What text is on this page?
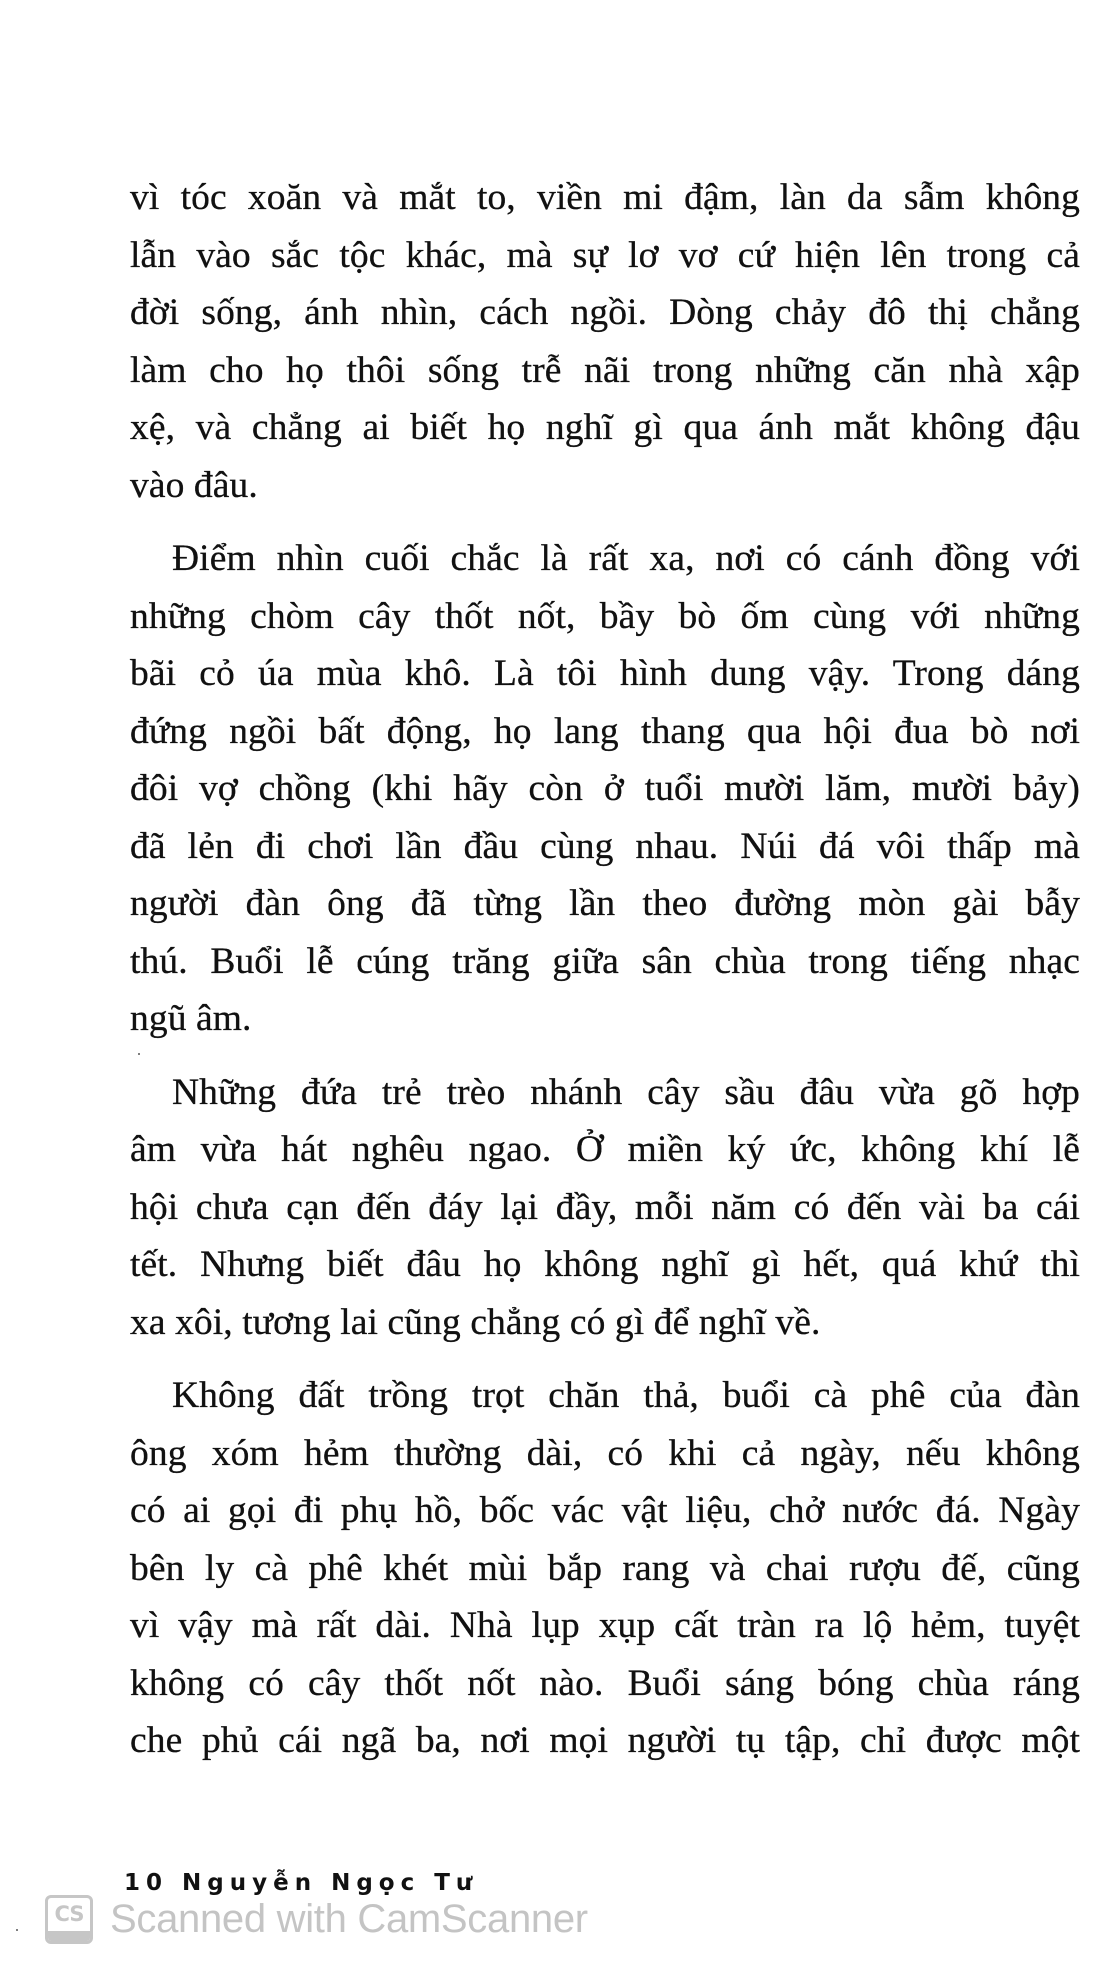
vì tóc xoăn và mắt to, viền mi đậm, làn da sẫm không
lẫn vào sắc tộc khác, mà sự lơ vơ cứ hiện lên trong cả
đời sống, ánh nhìn, cách ngồi. Dòng chảy đô thị chẳng
làm cho họ thôi sống trễ nãi trong những căn nhà xập
xệ, và chẳng ai biết họ nghĩ gì qua ánh mắt không đậu
vào đâu.

Điểm nhìn cuối chắc là rất xa, nơi có cánh đồng với
những chòm cây thốt nốt, bầy bò ốm cùng với những
bãi cỏ úa mùa khô. Là tôi hình dung vậy. Trong dáng
đứng ngồi bất động, họ lang thang qua hội đua bò nơi
đôi vợ chồng (khi hãy còn ở tuổi mười lăm, mười bảy)
đã lẻn đi chơi lần đầu cùng nhau. Núi đá vôi thấp mà
người đàn ông đã từng lần theo đường mòn gài bẫy
thú. Buổi lễ cúng trăng giữa sân chùa trong tiếng nhạc
ngũ âm.

Những đứa trẻ trèo nhánh cây sầu đâu vừa gõ hợp
âm vừa hát nghêu ngao. Ở miền ký ức, không khí lễ
hội chưa cạn đến đáy lại đầy, mỗi năm có đến vài ba cái
tết. Nhưng biết đâu họ không nghĩ gì hết, quá khứ thì
xa xôi, tương lai cũng chẳng có gì để nghĩ về.

Không đất trồng trọt chăn thả, buổi cà phê của đàn
ông xóm hẻm thường dài, có khi cả ngày, nếu không
có ai gọi đi phụ hồ, bốc vác vật liệu, chở nước đá. Ngày
bên ly cà phê khét mùi bắp rang và chai rượu đế, cũng
vì vậy mà rất dài. Nhà lụp xụp cất tràn ra lộ hẻm, tuyệt
không có cây thốt nốt nào. Buổi sáng bóng chùa ráng
che phủ cái ngã ba, nơi mọi người tụ tập, chỉ được một

10 Nguyễn Ngọc Tư
CS Scanned with CamScanner
